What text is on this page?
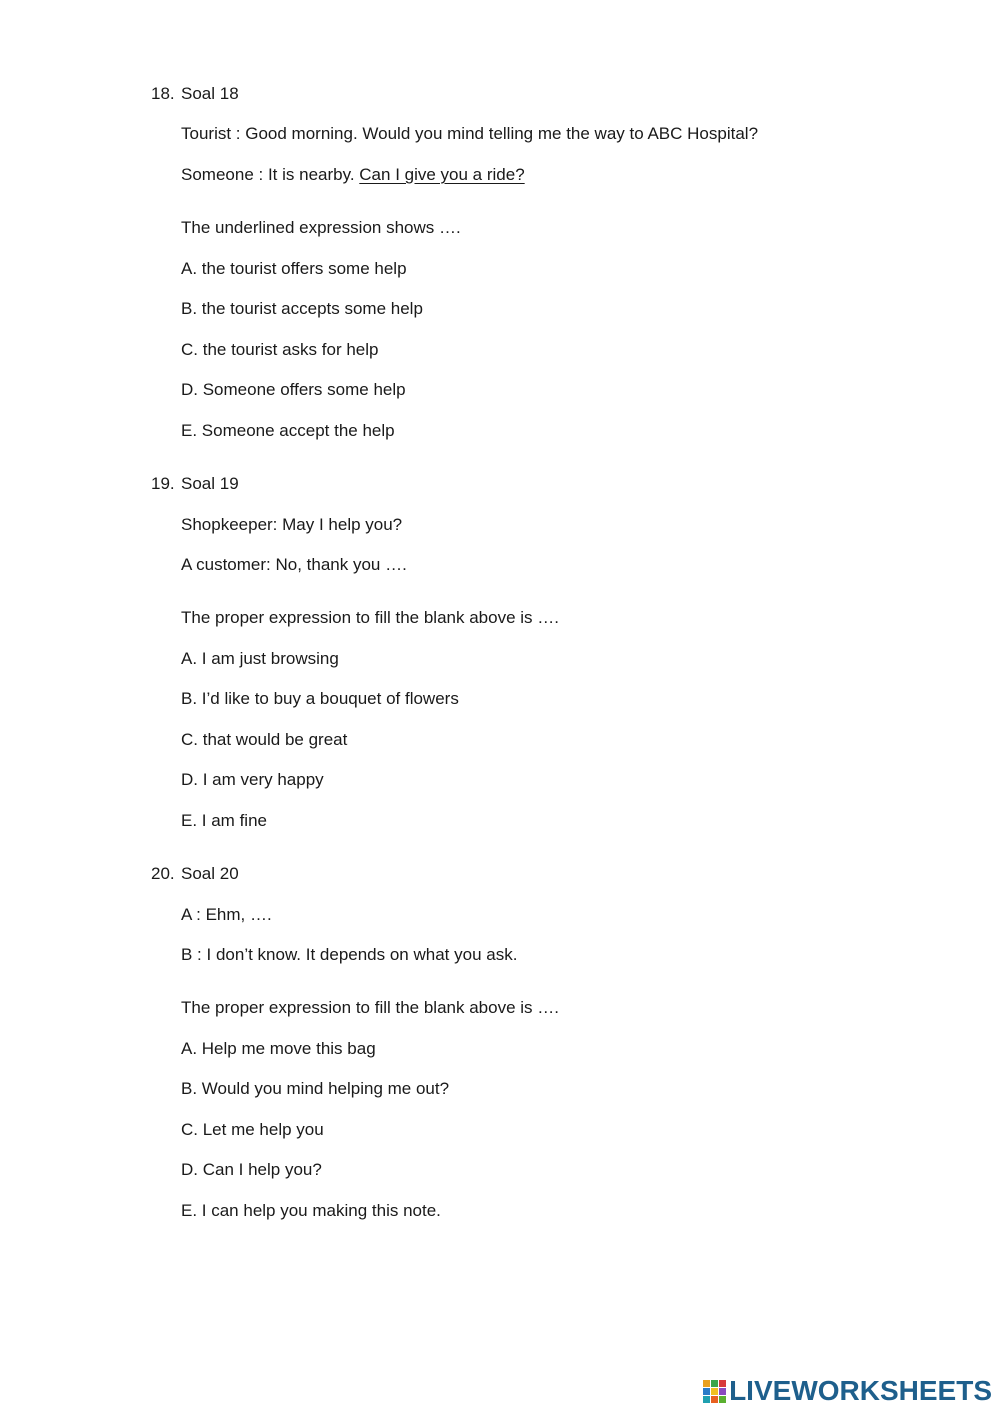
18. Soal 18
Tourist : Good morning. Would you mind telling me the way to ABC Hospital?
Someone : It is nearby. Can I give you a ride?
The underlined expression shows ….
A. the tourist offers some help
B. the tourist accepts some help
C. the tourist asks for help
D. Someone offers some help
E. Someone accept the help
19. Soal 19
Shopkeeper: May I help you?
A customer: No, thank you ….
The proper expression to fill the blank above is ….
A. I am just browsing
B. I’d like to buy a bouquet of flowers
C. that would be great
D. I am very happy
E. I am fine
20. Soal 20
A : Ehm, ….
B : I don’t know. It depends on what you ask.
The proper expression to fill the blank above is ….
A. Help me move this bag
B. Would you mind helping me out?
C. Let me help you
D. Can I help you?
E. I can help you making this note.
LIVEWORKSHEETS
